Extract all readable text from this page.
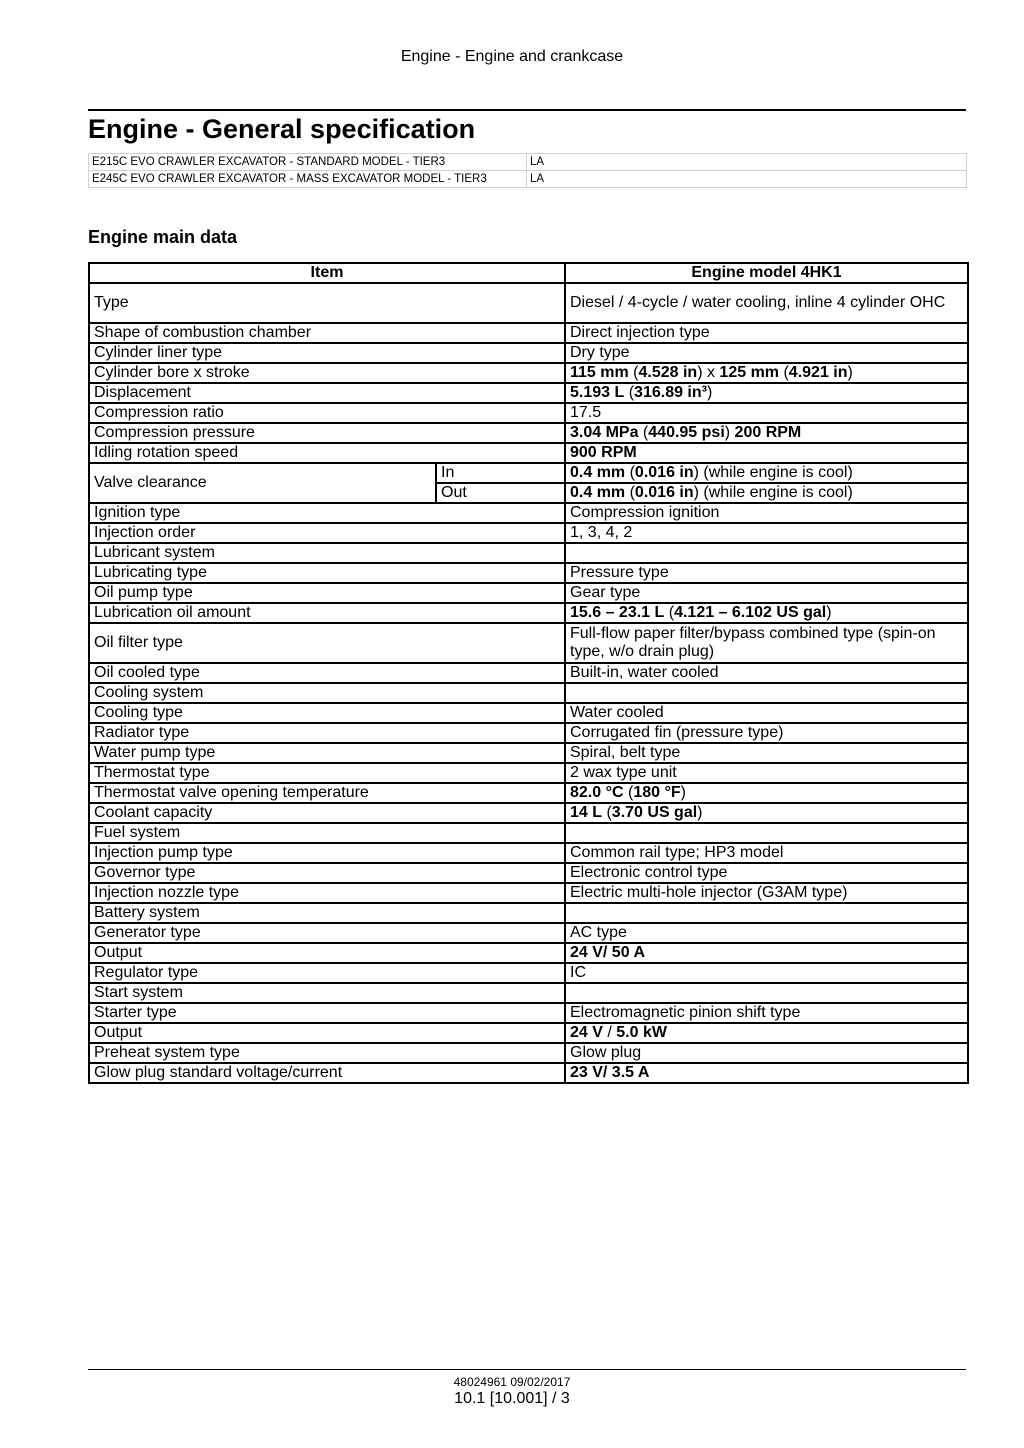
Engine - Engine and crankcase
Engine - General specification
E215C EVO CRAWLER EXCAVATOR - STANDARD MODEL - TIER3	LA
E245C EVO CRAWLER EXCAVATOR - MASS EXCAVATOR MODEL - TIER3	LA
Engine main data
Item		Engine model 4HK1
Type		Diesel / 4-cycle / water cooling, inline 4 cylinder OHC
Shape of combustion chamber		Direct injection type
Cylinder liner type		Dry type
Cylinder bore x stroke		115 mm (4.528 in) x 125 mm (4.921 in)
Displacement		5.193 L (316.89 in³)
Compression ratio		17.5
Compression pressure		3.04 MPa (440.95 psi) 200 RPM
Idling rotation speed		900 RPM
Valve clearance	In	0.4 mm (0.016 in) (while engine is cool)
	Out	0.4 mm (0.016 in) (while engine is cool)
Ignition type		Compression ignition
Injection order		1, 3, 4, 2
Lubricant system		
Lubricating type		Pressure type
Oil pump type		Gear type
Lubrication oil amount		15.6 – 23.1 L (4.121 – 6.102 US gal)
Oil filter type		Full-flow paper filter/bypass combined type (spin-on type, w/o drain plug)
Oil cooled type		Built-in, water cooled
Cooling system		
Cooling type		Water cooled
Radiator type		Corrugated fin (pressure type)
Water pump type		Spiral, belt type
Thermostat type		2 wax type unit
Thermostat valve opening temperature		82.0 °C (180 °F)
Coolant capacity		14 L (3.70 US gal)
Fuel system		
Injection pump type		Common rail type; HP3 model
Governor type		Electronic control type
Injection nozzle type		Electric multi-hole injector (G3AM type)
Battery system		
Generator type		AC type
Output		24 V/ 50 A
Regulator type		IC
Start system		
Starter type		Electromagnetic pinion shift type
Output		24 V / 5.0 kW
Preheat system type		Glow plug
Glow plug standard voltage/current		23 V/ 3.5 A
48024961 09/02/2017
10.1 [10.001] / 3
